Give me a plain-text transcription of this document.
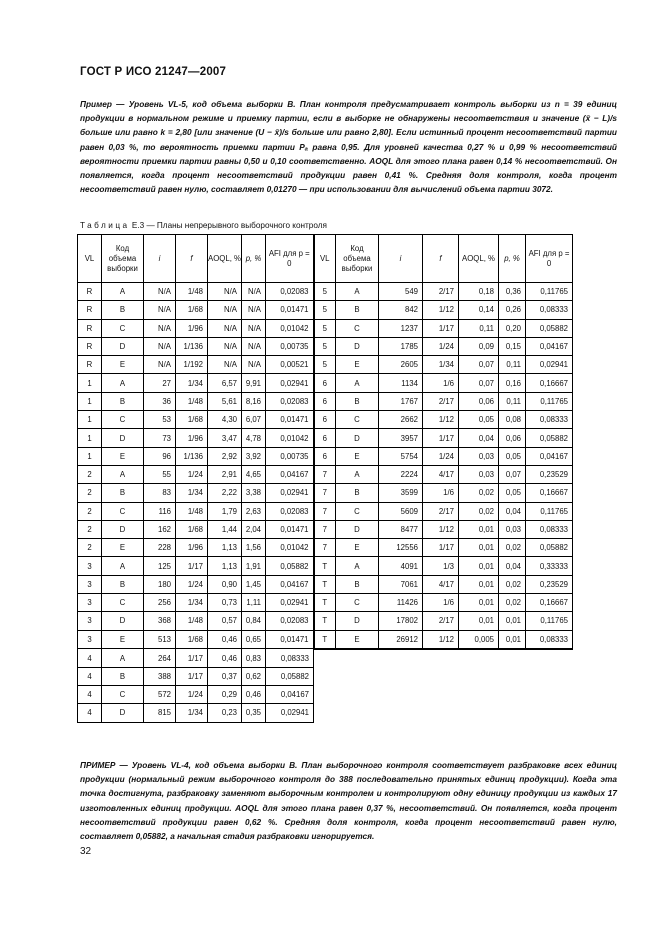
ГОСТ Р ИСО 21247—2007
Пример — Уровень VL-5, код объема выборки В. План контроля предусматривает контроль выборки из n = 39 единиц продукции в нормальном режиме и приемку партии, если в выборке не обнаружены несоответствия и значение (x̄ − L)/s больше или равно k = 2,80 [или значение (U − x̄)/s больше или равно 2,80]. Если истинный процент несоответствий партии равен 0,03 %, то вероятность приемки партии Pₐ равна 0,95. Для уровней качества 0,27 % и 0,99 % несоответствий вероятности приемки партии равны 0,50 и 0,10 соответственно. AOQL для этого плана равен 0,14 % несоответствий. Он появляется, когда процент несоответствий продукции равен 0,41 %. Средняя доля контроля, когда процент несоответствий равен нулю, составляет 0,01270 — при использовании для вычислений объема партии 3072.
Таблица Е.3 — Планы непрерывного выборочного контроля
VL	Код объема выборки	i	f	AOQL, %	p, %	AFI для p = 0	VL	Код объема выборки	i	f	AOQL, %	p, %	AFI для p = 0
R	A	N/A	1/48	N/A	N/A	0,02083	5	A	549	2/17	0,18	0,36	0,11765
R	B	N/A	1/68	N/A	N/A	0,01471	5	B	842	1/12	0,14	0,26	0,08333
R	C	N/A	1/96	N/A	N/A	0,01042	5	C	1237	1/17	0,11	0,20	0,05882
R	D	N/A	1/136	N/A	N/A	0,00735	5	D	1785	1/24	0,09	0,15	0,04167
R	E	N/A	1/192	N/A	N/A	0,00521	5	E	2605	1/34	0,07	0,11	0,02941
1	A	27	1/34	6,57	9,91	0,02941	6	A	1134	1/6	0,07	0,16	0,16667
1	B	36	1/48	5,61	8,16	0,02083	6	B	1767	2/17	0,06	0,11	0,11765
1	C	53	1/68	4,30	6,07	0,01471	6	C	2662	1/12	0,05	0,08	0,08333
1	D	73	1/96	3,47	4,78	0,01042	6	D	3957	1/17	0,04	0,06	0,05882
1	E	96	1/136	2,92	3,92	0,00735	6	E	5754	1/24	0,03	0,05	0,04167
2	A	55	1/24	2,91	4,65	0,04167	7	A	2224	4/17	0,03	0,07	0,23529
2	B	83	1/34	2,22	3,38	0,02941	7	B	3599	1/6	0,02	0,05	0,16667
2	C	116	1/48	1,79	2,63	0,02083	7	C	5609	2/17	0,02	0,04	0,11765
2	D	162	1/68	1,44	2,04	0,01471	7	D	8477	1/12	0,01	0,03	0,08333
2	E	228	1/96	1,13	1,56	0,01042	7	E	12556	1/17	0,01	0,02	0,05882
3	A	125	1/17	1,13	1,91	0,05882	T	A	4091	1/3	0,01	0,04	0,33333
3	B	180	1/24	0,90	1,45	0,04167	T	B	7061	4/17	0,01	0,02	0,23529
3	C	256	1/34	0,73	1,11	0,02941	T	C	11426	1/6	0,01	0,02	0,16667
3	D	368	1/48	0,57	0,84	0,02083	T	D	17802	2/17	0,01	0,01	0,11765
3	E	513	1/68	0,46	0,65	0,01471	T	E	26912	1/12	0,005	0,01	0,08333
4	A	264	1/17	0,46	0,83	0,08333							
4	B	388	1/17	0,37	0,62	0,05882							
4	C	572	1/24	0,29	0,46	0,04167							
4	D	815	1/34	0,23	0,35	0,02941							
ПРИМЕР — Уровень VL-4, код объема выборки В. План выборочного контроля соответствует разбраковке всех единиц продукции (нормальный режим выборочного контроля до 388 последовательно принятых единиц продукции). Когда эта точка достигнута, разбраковку заменяют выборочным контролем и контролируют одну единицу продукции из каждых 17 изготовленных единиц продукции. AOQL для этого плана равен 0,37 %, несоответствий. Он появляется, когда процент несоответствий продукции равен 0,62 %. Средняя доля контроля, когда процент несоответствий равен нулю, составляет 0,05882, а начальная стадия разбраковки игнорируется.
32
